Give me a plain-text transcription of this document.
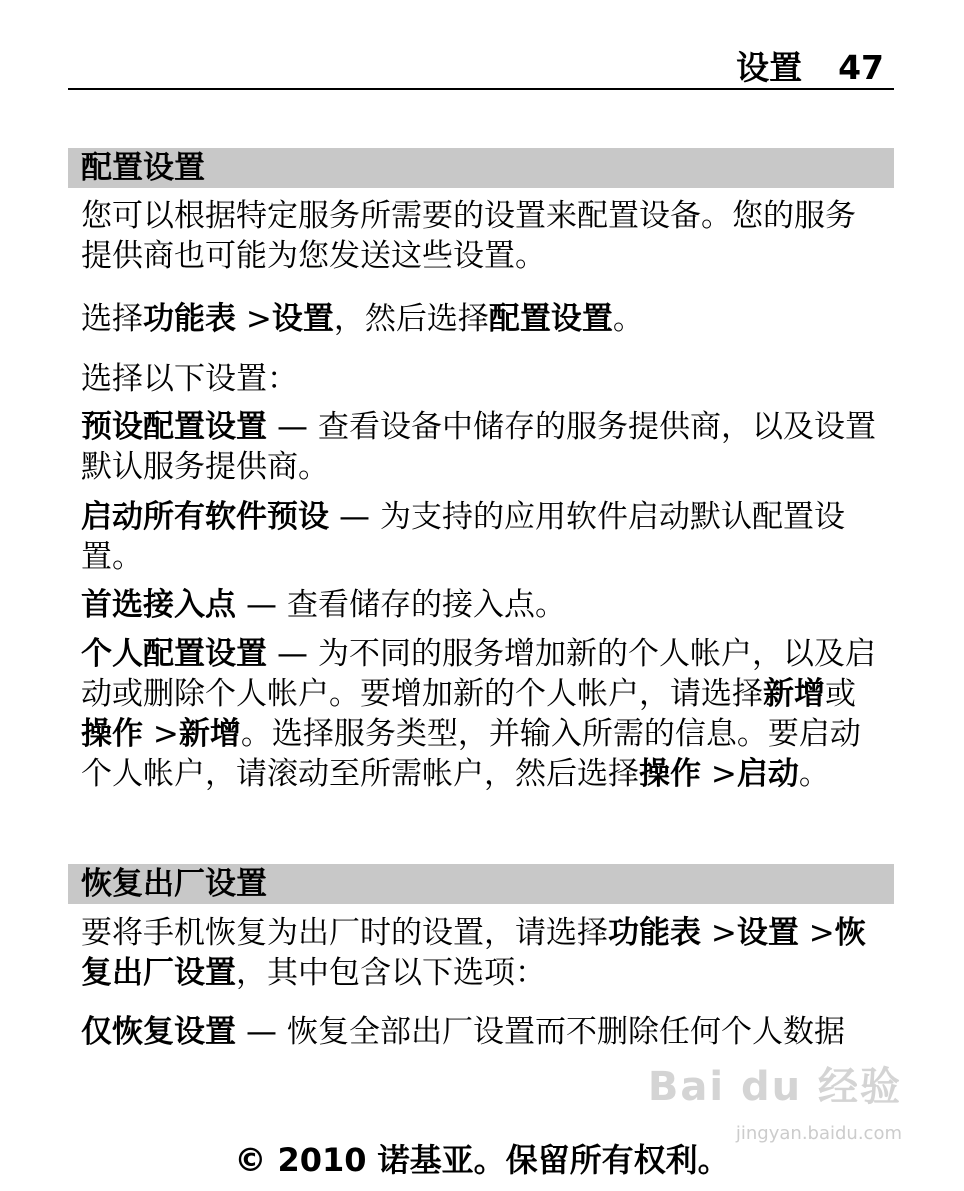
设置 47
配置设置

您可以根据特定服务所需要的设置来配置设备。您的服务提供商也可能为您发送这些设置。

选择功能表 >设置，然后选择配置设置。

选择以下设置：

预设配置设置 — 查看设备中储存的服务提供商，以及设置默认服务提供商。

启动所有软件预设 — 为支持的应用软件启动默认配置设置。

首选接入点 — 查看储存的接入点。

个人配置设置 — 为不同的服务增加新的个人帐户，以及启动或删除个人帐户。要增加新的个人帐户，请选择新增或操作 >新增。选择服务类型，并输入所需的信息。要启动个人帐户，请滚动至所需帐户，然后选择操作 >启动。

恢复出厂设置

要将手机恢复为出厂时的设置，请选择功能表 >设置 >恢复出厂设置，其中包含以下选项：

仅恢复设置 — 恢复全部出厂设置而不删除任何个人数据

Bai du 经验
jingyan.baidu.com
© 2010 诺基亚。保留所有权利。
